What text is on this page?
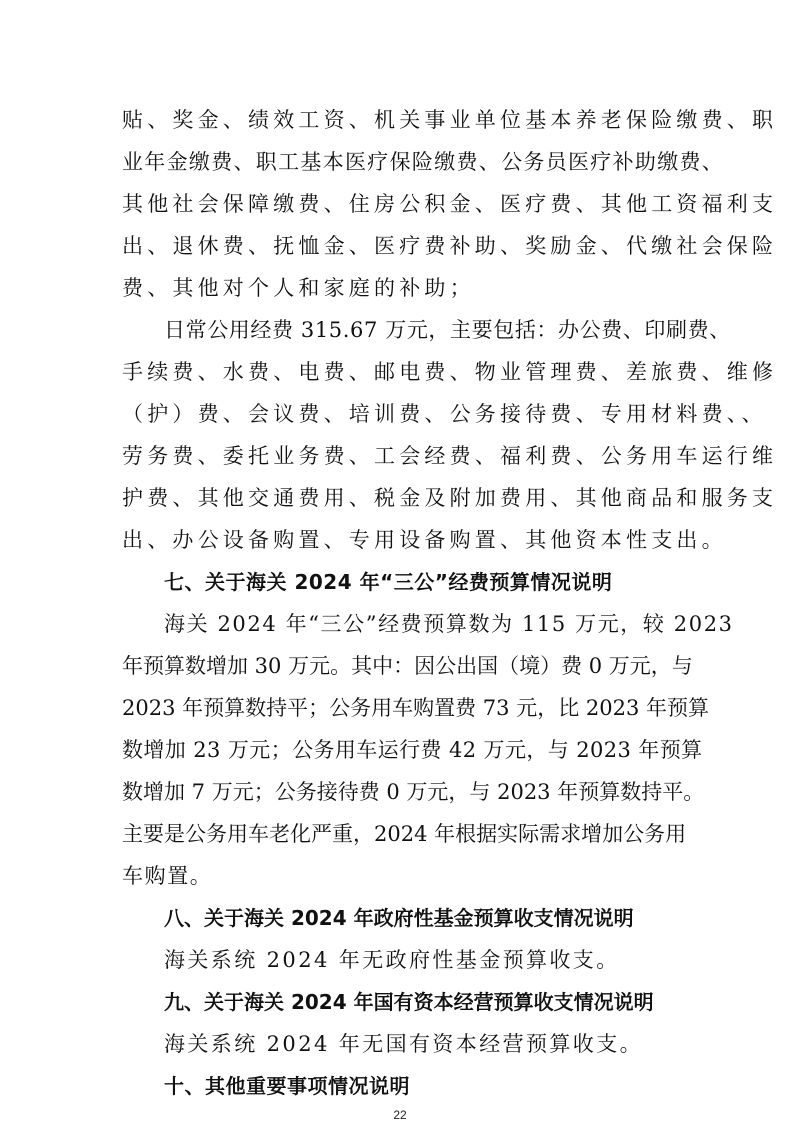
贴、奖金、绩效工资、机关事业单位基本养老保险缴费、职
业年金缴费、职工基本医疗保险缴费、公务员医疗补助缴费、
其他社会保障缴费、住房公积金、医疗费、其他工资福利支
出、退休费、抚恤金、医疗费补助、奖励金、代缴社会保险
费、其他对个人和家庭的补助；
日常公用经费 315.67 万元，主要包括：办公费、印刷费、
手续费、水费、电费、邮电费、物业管理费、差旅费、维修
（护）费、会议费、培训费、公务接待费、专用材料费、、
劳务费、委托业务费、工会经费、福利费、公务用车运行维
护费、其他交通费用、税金及附加费用、其他商品和服务支
出、办公设备购置、专用设备购置、其他资本性支出。
七、关于海关 2024 年“三公”经费预算情况说明
海关 2024 年“三公”经费预算数为 115 万元，较 2023
年预算数增加 30 万元。其中：因公出国（境）费 0 万元，与
2023 年预算数持平；公务用车购置费 73 元，比 2023 年预算
数增加 23 万元；公务用车运行费 42 万元，与 2023 年预算
数增加 7 万元；公务接待费 0 万元，与 2023 年预算数持平。
主要是公务用车老化严重，2024 年根据实际需求增加公务用
车购置。
八、关于海关 2024 年政府性基金预算收支情况说明
海关系统 2024 年无政府性基金预算收支。
九、关于海关 2024 年国有资本经营预算收支情况说明
海关系统 2024 年无国有资本经营预算收支。
十、其他重要事项情况说明
22
